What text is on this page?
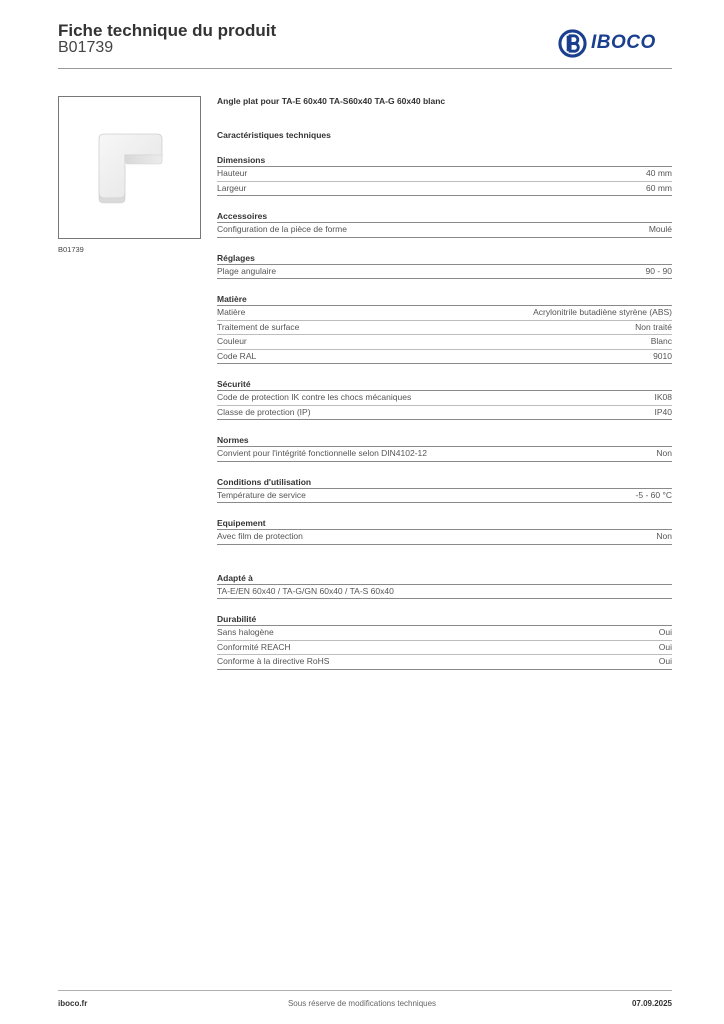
Fiche technique du produit
B01739	IBOCO
B01739
Angle plat pour TA-E 60x40 TA-S60x40 TA-G 60x40 blanc
Caractéristiques techniques
Dimensions
Hauteur	40 mm
Largeur	60 mm
Accessoires
Configuration de la pièce de forme	Moulé
Réglages
Plage angulaire	90 - 90
Matière
Matière	Acrylonitrile butadiène styrène (ABS)
Traitement de surface	Non traité
Couleur	Blanc
Code RAL	9010
Sécurité
Code de protection IK contre les chocs mécaniques	IK08
Classe de protection (IP)	IP40
Normes
Convient pour l'intégrité fonctionnelle selon DIN4102-12	Non
Conditions d'utilisation
Température de service	-5 - 60 °C
Equipement
Avec film de protection	Non
Adapté à
TA-E/EN 60x40 / TA-G/GN 60x40 / TA-S 60x40
Durabilité
Sans halogène	Oui
Conformité REACH	Oui
Conforme à la directive RoHS	Oui
iboco.fr	Sous réserve de modifications techniques	07.09.2025
